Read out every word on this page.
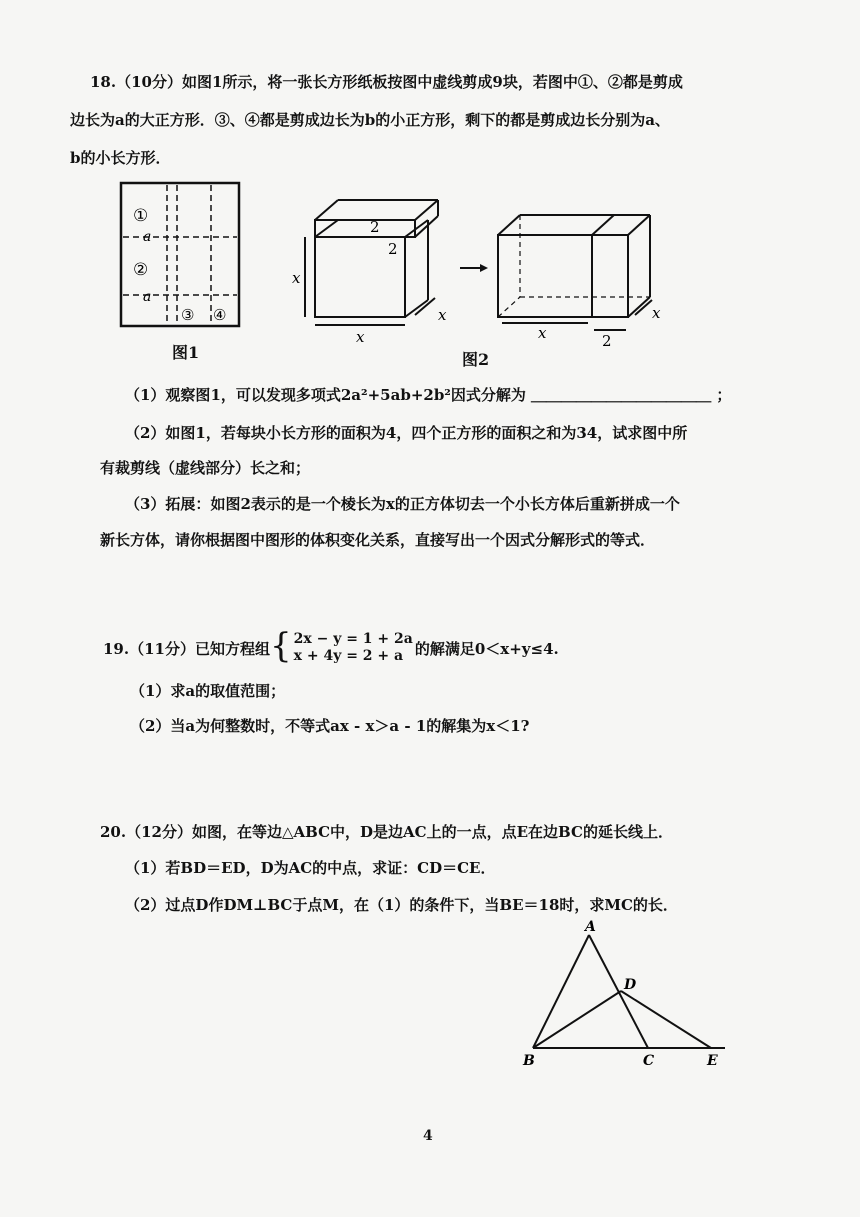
18.（10分）如图1所示，将一张长方形纸板按图中虚线剪成9块，若图中①、②都是剪成
边长为a的大正方形．③、④都是剪成边长为b的小正方形，剩下的都是剪成边长分别为a、
b的小长方形．
①
②
③ ④
a
a
图1
x
x
x
2
2
x	2
x
图2
（1）观察图1，可以发现多项式2a²+5ab+2b²因式分解为 ＿＿＿＿＿＿＿＿＿＿＿＿ ；
（2）如图1，若每块小长方形的面积为4，四个正方形的面积之和为34，试求图中所
有裁剪线（虚线部分）长之和；
（3）拓展：如图2表示的是一个棱长为x的正方体切去一个小长方体后重新拼成一个
新长方体，请你根据图中图形的体积变化关系，直接写出一个因式分解形式的等式．
19.（11分）已知方程组{ 2x − y = 1 + 2a
x + 4y = 2 + a 的解满足0＜x+y≤4.
（1）求a的取值范围；
（2）当a为何整数时，不等式ax - x＞a - 1的解集为x＜1?
20.（12分）如图，在等边△ABC中，D是边AC上的一点，点E在边BC的延长线上．
（1）若BD＝ED，D为AC的中点，求证：CD＝CE．
（2）过点D作DM⊥BC于点M，在（1）的条件下，当BE＝18时，求MC的长．
A
B	C
D
E
4
